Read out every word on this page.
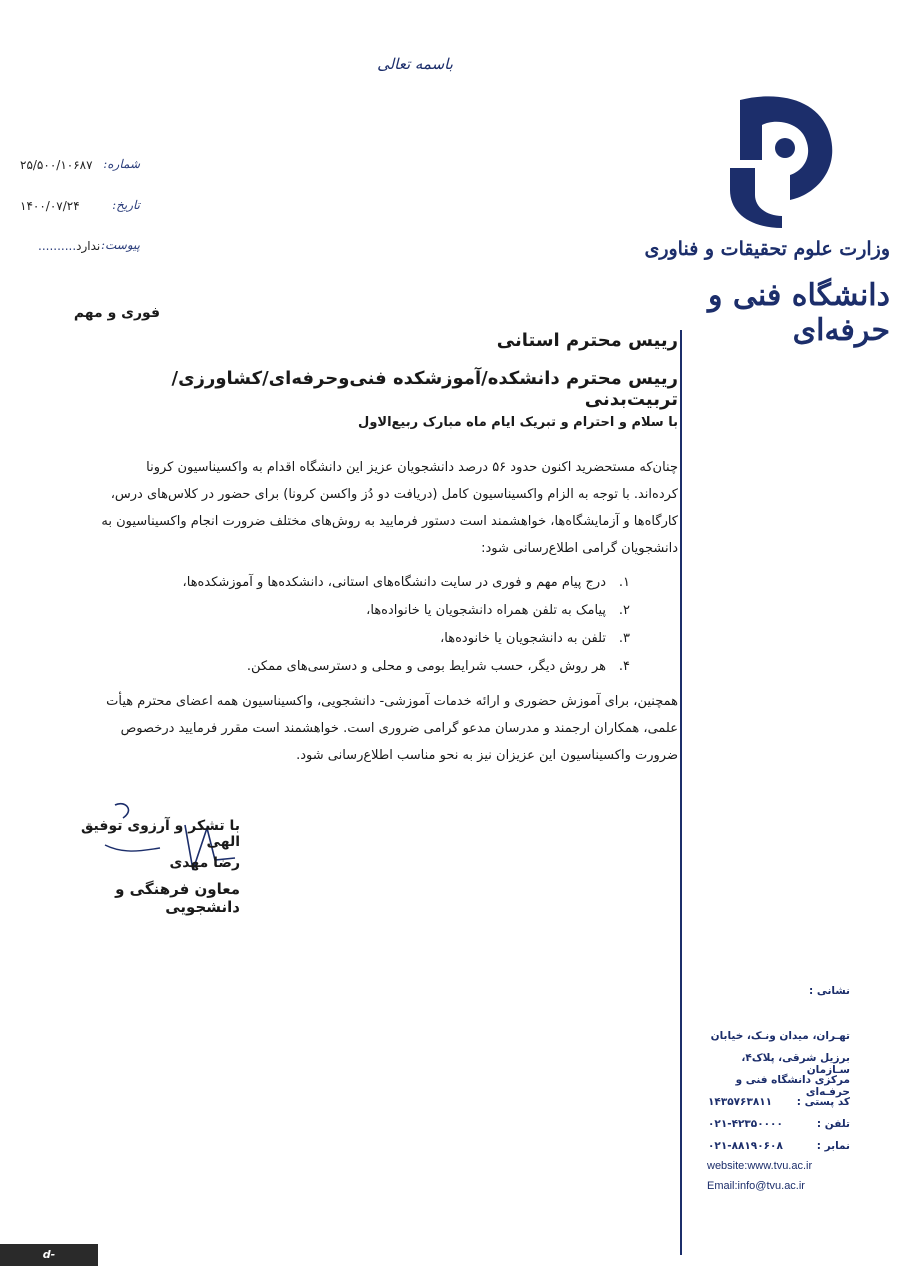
باسمه تعالی
شماره:
۲۵/۵۰۰/۱۰۶۸۷
تاریخ:
۱۴۰۰/۰۷/۲۴
پیوست:
..........ندارد	وزارت علوم تحقیقات و فناوری
دانشگاه فنی و حرفه‌ای
فوری و مهم
رییس محترم استانی
رییس محترم دانشکده/آموزشکده فنی‌وحرفه‌ای/کشاورزی/تربیت‌بدنی
با سلام و احترام و تبریک ایام ماه مبارک ربیع‌الاول
چنان‌که مستحضرید اکنون حدود ۵۶ درصد دانشجویان عزیز این دانشگاه اقدام به واکسیناسیون کرونا
کرده‌اند. با توجه به الزام واکسیناسیون کامل (دریافت دو دُز واکسن کرونا) برای حضور در کلاس‌های درس،
کارگاه‌ها و آزمایشگاه‌ها، خواهشمند است دستور فرمایید به روش‌های مختلف ضرورت انجام واکسیناسیون به
دانشجویان گرامی اطلاع‌رسانی شود:
۱.درج پیام مهم و فوری در سایت دانشگاه‌های استانی، دانشکده‌ها و آموزشکده‌ها،
۲.پیامک به تلفن همراه دانشجویان یا خانواده‌ها،
۳.تلفن به دانشجویان یا خانوده‌ها،
۴.هر روش دیگر، حسب شرایط بومی و محلی و دسترسی‌های ممکن.
همچنین، برای آموزش حضوری و ارائه خدمات آموزشی- دانشجویی، واکسیناسیون همه اعضای محترم هیأت
علمی، همکاران ارجمند و مدرسان مدعو گرامی ضروری است. خواهشمند است مقرر فرمایید درخصوص
ضرورت واکسیناسیون این عزیزان نیز به نحو مناسب اطلاع‌رسانی شود.
با تشکر و آرزوی توفیق الهی
رضا مهدی
معاون فرهنگی و دانشجویی
نشانی :
تهـران، میدان ونـک، خیابان
برزیل شرقی، پلاک۴، سـازمان
مرکزی دانشگاه فنی و حرفـه‌ای
کد پستی :
۱۴۳۵۷۶۳۸۱۱
تلفن :
۰۲۱-۴۲۳۵۰۰۰۰
نمابر :
۰۲۱-۸۸۱۹۰۶۰۸
website:www.tvu.ac.ir
Email:info@tvu.ac.ir
d-tabriz.tvu.ac.ir
